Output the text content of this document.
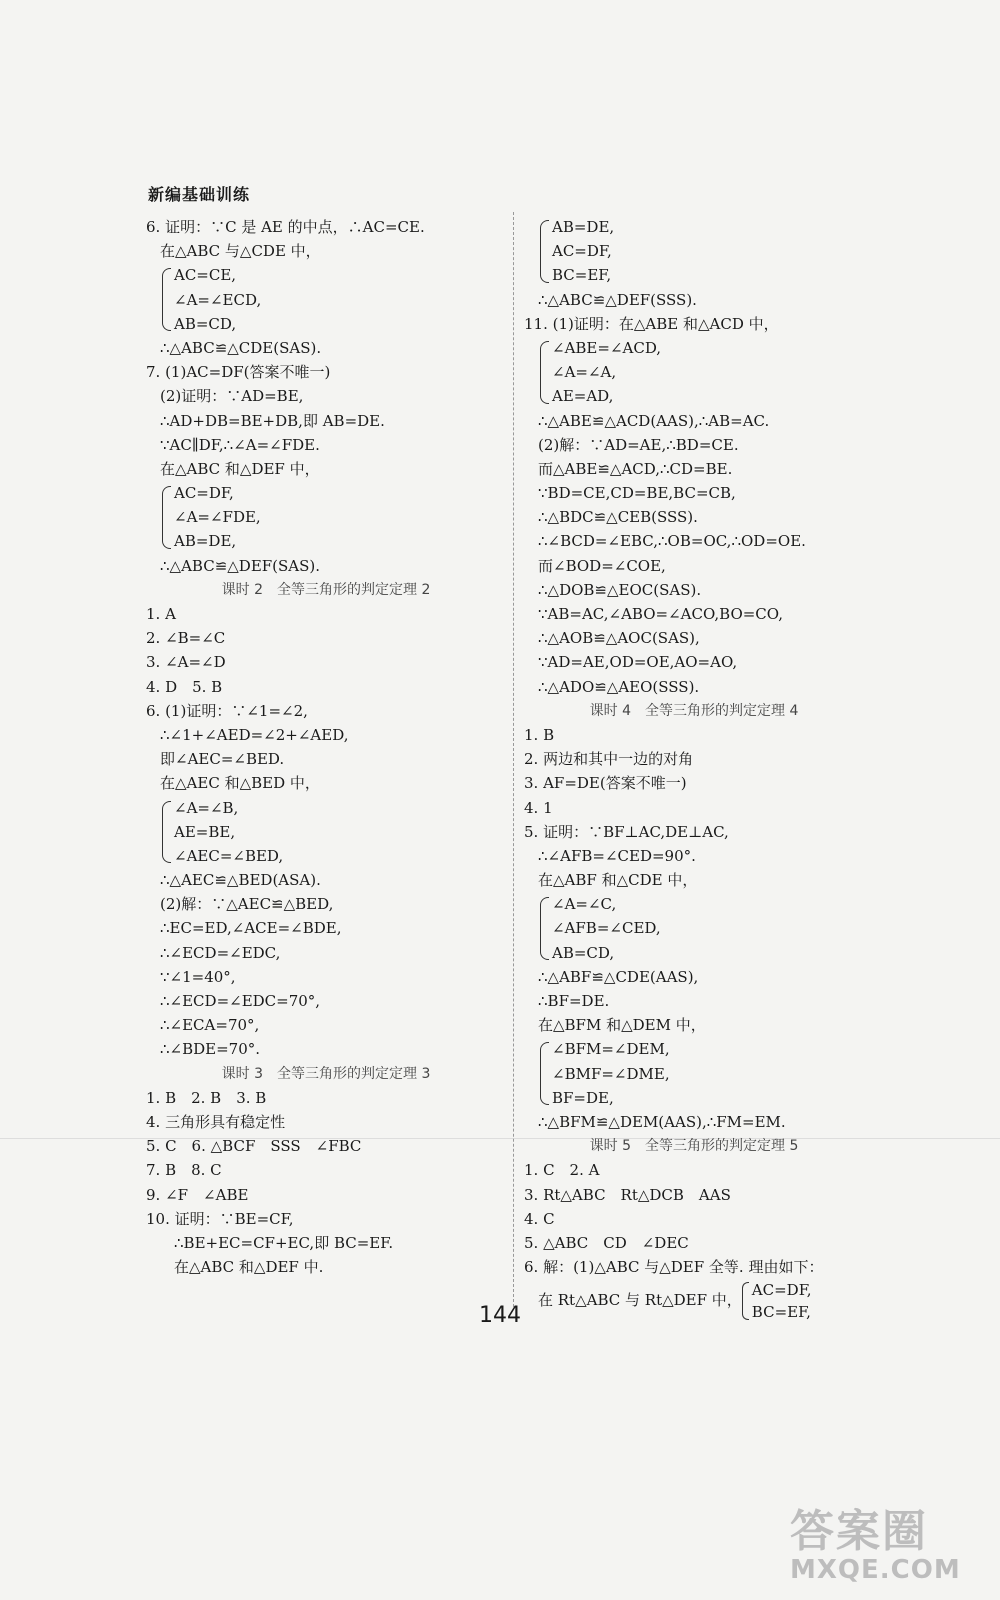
新编基础训练
6. 证明：∵C 是 AE 的中点，∴AC=CE.
在△ABC 与△CDE 中，
AC=CE,
∠A=∠ECD,
AB=CD,
∴△ABC≌△CDE(SAS).
7. (1)AC=DF(答案不唯一)
(2)证明：∵AD=BE,
∴AD+DB=BE+DB,即 AB=DE.
∵AC∥DF,∴∠A=∠FDE.
在△ABC 和△DEF 中，
AC=DF,
∠A=∠FDE,
AB=DE,
∴△ABC≌△DEF(SAS).
课时 2　全等三角形的判定定理 2
1. A
2. ∠B=∠C
3. ∠A=∠D
4. D　5. B
6. (1)证明：∵∠1=∠2,
∴∠1+∠AED=∠2+∠AED,
即∠AEC=∠BED.
在△AEC 和△BED 中，
∠A=∠B,
AE=BE,
∠AEC=∠BED,
∴△AEC≌△BED(ASA).
(2)解：∵△AEC≌△BED,
∴EC=ED,∠ACE=∠BDE,
∴∠ECD=∠EDC,
∵∠1=40°,
∴∠ECD=∠EDC=70°,
∴∠ECA=70°,
∴∠BDE=70°.
课时 3　全等三角形的判定定理 3
1. B　2. B　3. B
4. 三角形具有稳定性
5. C　6. △BCF　SSS　∠FBC
7. B　8. C
9. ∠F　∠ABE
10. 证明：∵BE=CF,
∴BE+EC=CF+EC,即 BC=EF.
在△ABC 和△DEF 中.
AB=DE,
AC=DF,
BC=EF,
∴△ABC≌△DEF(SSS).
11. (1)证明：在△ABE 和△ACD 中，
∠ABE=∠ACD,
∠A=∠A,
AE=AD,
∴△ABE≌△ACD(AAS),∴AB=AC.
(2)解：∵AD=AE,∴BD=CE.
而△ABE≌△ACD,∴CD=BE.
∵BD=CE,CD=BE,BC=CB,
∴△BDC≌△CEB(SSS).
∴∠BCD=∠EBC,∴OB=OC,∴OD=OE.
而∠BOD=∠COE,
∴△DOB≌△EOC(SAS).
∵AB=AC,∠ABO=∠ACO,BO=CO,
∴△AOB≌△AOC(SAS),
∵AD=AE,OD=OE,AO=AO,
∴△ADO≌△AEO(SSS).
课时 4　全等三角形的判定定理 4
1. B
2. 两边和其中一边的对角
3. AF=DE(答案不唯一)
4. 1
5. 证明：∵BF⊥AC,DE⊥AC,
∴∠AFB=∠CED=90°.
在△ABF 和△CDE 中，
∠A=∠C,
∠AFB=∠CED,
AB=CD,
∴△ABF≌△CDE(AAS),
∴BF=DE.
在△BFM 和△DEM 中，
∠BFM=∠DEM,
∠BMF=∠DME,
BF=DE,
∴△BFM≌△DEM(AAS),∴FM=EM.
课时 5　全等三角形的判定定理 5
1. C　2. A
3. Rt△ABC　Rt△DCB　AAS
4. C
5. △ABC　CD　∠DEC
6. 解：(1)△ABC 与△DEF 全等. 理由如下：
在 Rt△ABC 与 Rt△DEF 中，
AC=DF,
BC=EF,
144
答案圈
MXQE.COM
